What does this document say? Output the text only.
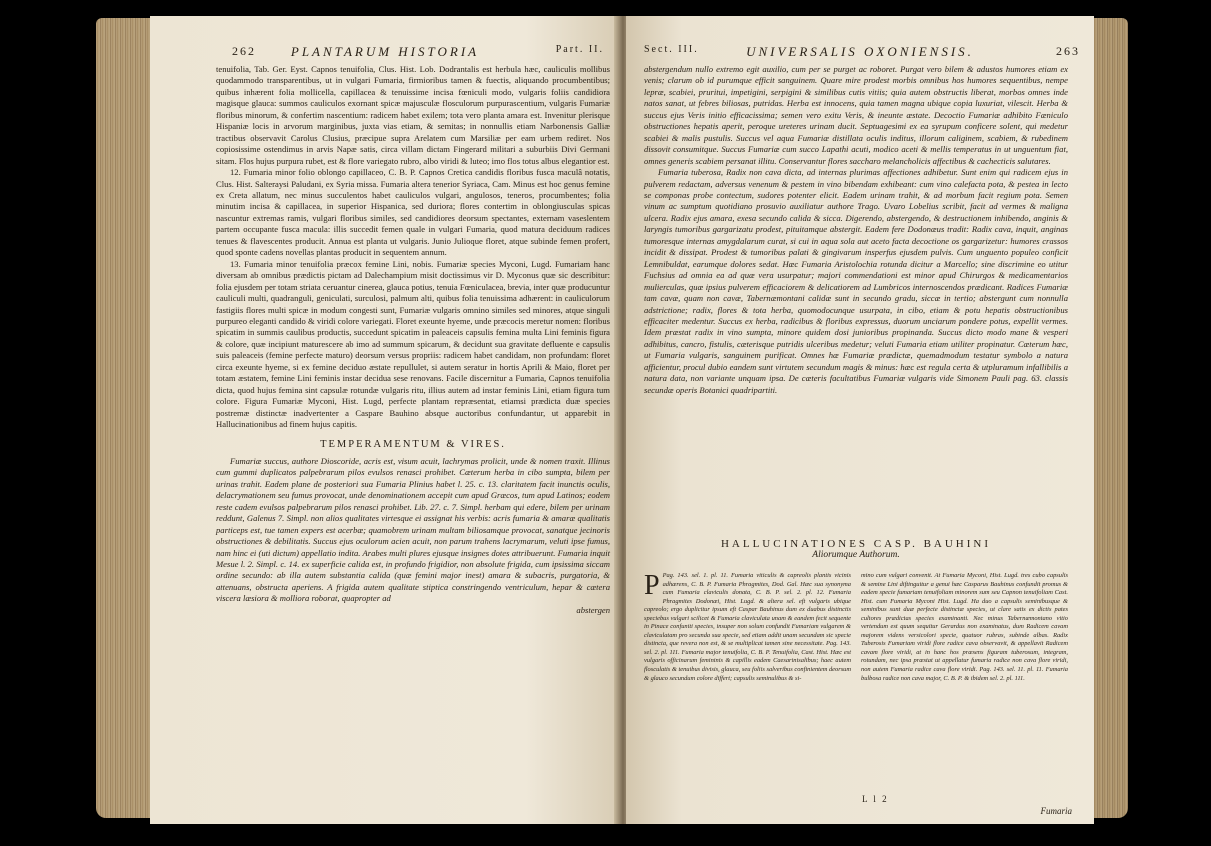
262	PLANTARUM HISTORIA	Part. II.

tenuifolia, Tab. Ger. Eyst. Capnos tenuifolia, Clus. Hist. Lob. Dodrantalis est herbula hæc, cauliculis mollibus quodammodo transparentibus, ut in vulgari Fumaria, firmioribus tamen & fuectis, aliquando procumbentibus; quibus inhærent folia mollicella, capillacea & tenuissime incisa fœniculi modo, vulgaris foliis candidiora magisque glauca: summos cauliculos exornant spicæ majusculæ flosculorum purpurascentium, vulgaris Fumariæ floribus minorum, & confertim nascentium: radicem habet exilem; tota vero planta amara est. Invenitur plerisque Hispaniæ locis in arvorum marginibus, juxta vias etiam, & semitas; in nonnullis etiam Narbonensis Galliæ tractibus observavit Carolus Clusius, præcipue supra Arelatem cum Marsiliæ per eam urbem rediret. Nos copiosissime ostendimus in arvis Napæ satis, circa villam dictam Fingerard militari a suburbiis Divi Germani sitam. Flos hujus purpura rubet, est & flore variegato rubro, albo viridi & luteo; imo flos totus albus elegantior est.

12. Fumaria minor folio oblongo capillaceo, C. B. P. Capnos Cretica candidis floribus fusca maculâ notatis, Clus. Hist. Salteraysi Paludani, ex Syria missa. Fumaria altera tenerior Syriaca, Cam. Minus est hoc genus femine ex Creta allatum, nec minus succulentos habet cauliculos vulgari, angulosos, teneros, procumbentes; folia minutim incisa & capillacea, in superior Hispanica, sed duriora; flores contertim in oblongiusculas spicas nascuntur extremas ramis, vulgari floribus similes, sed candidiores deorsum spectantes, externam vaseslentem partem occupante fusca macula: illis succedit femen quale in vulgari Fumaria, quod matura deciduum radices tenues & flavescentes producit. Annua est planta ut vulgaris. Junio Julioque floret, atque subinde femen profert, quod sponte cadens novellas plantas producit in sequentem annum.

13. Fumaria minor tenuifolia præcox femine Lini, nobis. Fumariæ species Myconi, Lugd. Fumariam hanc diversam ab omnibus prædictis pictam ad Dalechampium misit doctissimus vir D. Myconus quæ sic describitur: folia ejusdem per totam striata ceruantur cinerea, glauca potius, tenuia Fœniculacea, brevia, inter quæ producuntur cauliculi multi, quadranguli, geniculati, surculosi, palmum alti, quibus folia tenuissima adhærent: in cauliculorum fastigiis flores multi spicæ in modum congesti sunt, Fumariæ vulgaris omnino similes sed minores, atque singuli purpureo eleganti candido & viridi colore variegati. Floret exeunte hyeme, unde præcocis meretur nomen: floribus spicatim in summis caulibus productis, succedunt spicatim in paleaceis capsulis femina multa Lini feminis figura & colore, quæ incipiunt maturescere ab imo ad summum spicarum, & decidunt sua gravitate defluente e capsulis suis paleaceis (femine perfecte maturo) deorsum versus propriis: radicem habet candidam, non profundam: floret circa exeunte hyeme, si ex femine deciduo æstate repullulet, si autem seratur in hortis Aprili & Maio, floret per totam æstatem, femine Lini feminis instar decidua sese renovans. Facile discernitur a Fumaria, Capnos tenuifolia dicta, quod hujus femina sint capsulæ rotundæ vulgaris ritu, illius autem ad instar feminis Lini, etiam figura tum colore. Figura Fumariæ Myconi, Hist. Lugd, perfecte plantam repræsentat, etiamsi prædicta duæ species postremæ distinctæ inadvertenter a Caspare Bauhino absque auctoribus confundantur, ut apparebit in Hallucinationibus ad finem hujus capitis.

TEMPERAMENTUM & VIRES.

Fumariæ succus, authore Dioscoride, acris est, visum acuit, lachrymas prolicit, unde & nomen traxit. Illinus cum gummi duplicatos palpebrarum pilos evulsos renasci prohibet. Cæterum herba in cibo sumpta, bilem per urinas trahit. Eadem plane de posteriori sua Fumaria Plinius habet l. 25. c. 13. claritatem facit inunctis oculis, delacrymationem seu fumus provocat, unde denominationem accepit cum apud Græcos, tum apud Latinos; eodem reste cadem evulsos palpebrarum pilos renasci prohibet. Lib. 27. c. 7. Simpl. herbam qui edere, bilem per urinam reddunt, Galenus 7. Simpl. non alios qualitates virtesque ei assignat his verbis: acris fumaria & amaræ qualitatis particeps est, tue tamen expers est acerbæ; quamobrem urinam multam biliosamque provocat, sanatque jecinoris obstructiones & debilitatis. Succus ejus oculorum acien acuit, non parum trahens lacrymarum, veluti ipse fumus, nam hinc ei (uti dictum) appellatio indita. Arabes multi plures ejusque insignes dotes attribuerunt. Fumaria inquit Mesue l. 2. Simpl. c. 14. ex superficie calida est, in profundo frigidior, non absolute frigida, cum ipsissima siccam ordine secundo: ab illa autem substantia calida (quæ femini major inest) amara & subacris, purgatoria, & attenuans, obstructa aperiens. A frigida autem qualitate stiptica constringendo ventriculum, hepar & cætera viscera læsiora & molliora roborat, quapropter ad

abstergen
Sect. III.	UNIVERSALIS OXONIENSIS.	263

abstergendum nullo extremo egit auxilio, cum per se purget ac roboret. Purgat vero bilem & adustos humores etiam ex venis; clarum ob id purumque efficit sanguinem. Quare mire prodest morbis omnibus hos humores sequentibus, nempe lepræ, scabiei, pruritui, impetigini, serpigini & similibus cutis vitiis; quia autem obstructis liberat, morbos omnes inde natos sanat, ut febres biliosas, putridas. Herba est innocens, quia tamen magna ubique copia luxuriat, vilescit. Herba & succus ejus Veris initio efficacissima; semen vero exitu Veris, & ineunte æstate. Decoctio Fumariæ adhibito Fæniculo obstructiones hepatis aperit, peroque ureteres urinam ducit. Septuagesimi ex ea syrupum conficere solent, qui medetur scabiei & malis pustulis. Succus vel aqua Fumariæ distillata oculis inditus, illorum caliginem, scabiem, & rubedinem dissovit consumitque. Succus Fumariæ cum succo Lapathi acuti, modico aceti & mellis temperatus in ut unguentum fiat, omnes generis scabiem persanat illitu. Conservantur flores saccharo melancholicis affectibus & cachecticis salutares.

Fumaria tuberosa, Radix non cava dicta, ad internas plurimas affectiones adhibetur. Sunt enim qui radicem ejus in pulverem redactam, adversus venenum & pestem in vino bibendam exhibeant: cum vino calefacta pota, & pestea in lecto se componas probe contectum, sudores potenter elicit. Eadem urinam trahit, & ad morbum facit regium pota. Semen vinum ac sumptum quotidiano prosuvio auxiliatur authore Trago. Uvaro Lobelius scribit, facit ad vermes & maligna ulcera. Radix ejus amara, exesa secundo calida & sicca. Digerendo, abstergendo, & destructionem inhibendo, anginis & laryngis tumoribus gargarizatu prodest, pituitamque abstergit. Eadem fere Dodonæus tradit: Radix cava, inquit, anginas tumoresque internas amygdalarum curat, si cui in aqua sola aut aceto facta decoctione os gargarizetur: humores crassos incidit & dissipat. Prodest & tumoribus palati & gingivarum insperfus ejusdem pulvis. Cum unguento populeo conficit Lemnibuldat, earumque dolores sedat. Hæc Fumaria Aristolochia rotunda dicitur a Marcello; sine discrimine eo utitur Fuchsius ad omnia ea ad quæ vera usurpatur; majori commendationi est minor apud Chirurgos & medicamentarios mulierculas, quæ ipsius pulverem efficaciorem & delicatiorem ad Lumbricos internoscendos prædicant. Radices Fumariæ tam cavæ, quam non cavæ, Tabernæmontani calidæ sunt in secundo gradu, siccæ in tertio; abstergunt cum nonnulla adstrictione; radix, flores & tota herba, quomodocunque usurpata, in cibo, etiam & potu hepatis obstructionibus efficaciter medentur. Succus ex herba, radicibus & floribus expressus, duorum unciarum pondere potus, expellit vermes. Idem præstat radix in vino sumpta, minore quidem dosi junioribus propinanda. Succus dicto modo mane & vesperi adhibitus, cancro, fistulis, cæterisque putridis ulceribus medetur; veluti Fumaria etiam utiliter propinatur. Cæterum hæc, ut Fumaria vulgaris, sanguinem purificat. Omnes hæ Fumariæ prædictæ, quemadmodum testatur symbolo a natura afficientur, procul dubio eandem sunt virtutem secundum magis & minus: hæc est regula certa & utpluramum infallibilis a natura data, non variante unquam ipsa. De cæteris facultatibus Fumariæ vulgaris vide Simonem Pauli pag. 63. classis secundæ operis Botanici quadripartiti.

HALLUCINATIONES CASP. BAUHINI
Aliorumque Authorum.
P Pag. 143. sel. 1. pl. 11. Fumaria viticulis & capreolis plantis vicinis adhærens, C. B. P. Fumaria Phragmites, Dod. Gal. Hæc sua synonyma cum Fumaria claviculis donata, C. B. P. sel. 2. pl. 12. Fumaria Phragmites Dodonæi, Hist. Lugd. & altera sel. eft vulgaris ubique capreolo; ergo duplicitur ipsum eft Caspar Bauhinus dum ex duabus distinctis speciebus vulgari scilicet & Fumaria claviculata unam & eandem fecit sequente in Pinace confuniti species, insuper non solum confundit Fumariam vulgarem & claviculatam pro secunda sua specie, sed etiam addit unam secundam sic specie distincta, que revera non est, & se multiplicat tamen sine necessitate. Pag. 143. sel. 2. pl. 111. Fumaria major tenuifolia, C. B. P. Tenuifolia, Cast. Hist. Hæc est vulgaris officinarum femininis & capillis eadem Caesarinisalibus; haec autem flosculatis & tenuibus divisis, glauca, seu foliis salveribus confinientem deorsum & glauco secundum colore differt; capsulis seminulibus & si-
mino cum vulgari convenit. At Fumaria Myconi, Hist. Lugd. tres cubo capsulis & semine Lini diftinguitur a genui hæc Casparus Bauhinus confundit promus & eadem specie fumariam tenuifoliam minorem sum seu Capnon tenuifoliam Cast. Hist. cum Fumaria Myconi Hist. Lugd. Ha duo a capsulis seminibusque & seminibus sunt duæ perfecte distinctæ species, ut clare satis ex dictis pates cultores prædictas species examinanti. Nec minus Tabernæmontano vitio vertendum est quum sequitur Gerardus non examinatus, dum Radicem cavam majorem videns versicolori specie, quatuor rubras, subinde albas. Radix Tuberosis Fumariam viridi flore radice cava observavit, & appellavit Radicem cavam flore viridi, at in hanc hos præsens figuram tuberosum, integram, rotundam, nec ipsa præstat ut appellatur fumaria radice non cava flore viridi, non autem Fumaria radice cava flore viridi. Pag. 143. sel. 11. pl. 11. Fumaria bulbosa radice non cava major, C. B. P. & ibidem sel. 2. pl. 111.
L l 2
Fumaria
